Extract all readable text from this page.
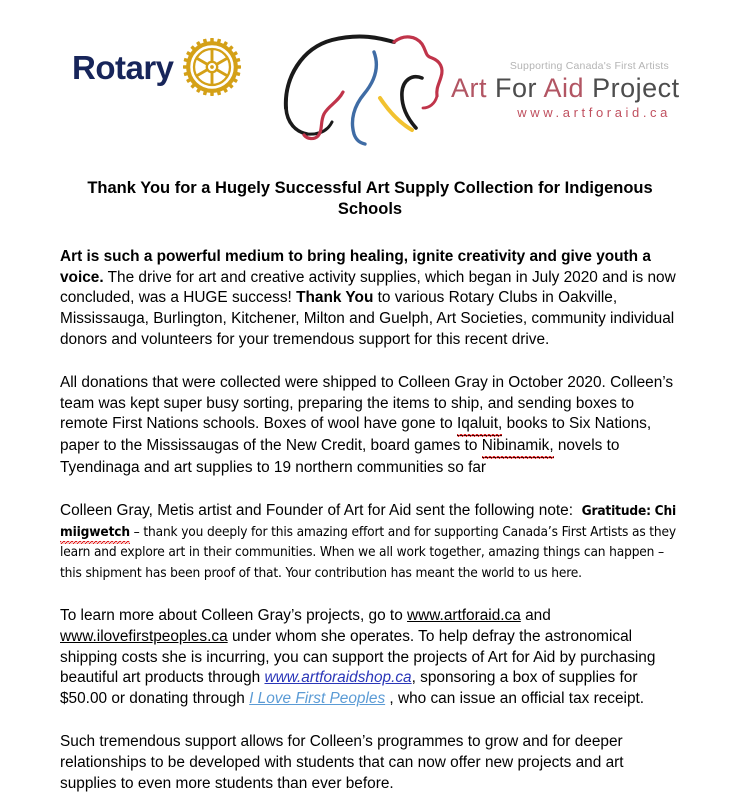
Rotary	Supporting Canada's First Artists
Art For Aid Project
www.artforaid.ca
Thank You for a Hugely Successful Art Supply Collection for Indigenous Schools

Art is such a powerful medium to bring healing, ignite creativity and give youth a voice. The drive for art and creative activity supplies, which began in July 2020 and is now concluded, was a HUGE success! Thank You to various Rotary Clubs in Oakville, Mississauga, Burlington, Kitchener, Milton and Guelph, Art Societies, community individual donors and volunteers for your tremendous support for this recent drive.

All donations that were collected were shipped to Colleen Gray in October 2020. Colleen’s team was kept super busy sorting, preparing the items to ship, and sending boxes to remote First Nations schools. Boxes of wool have gone to Iqaluit, books to Six Nations, paper to the Mississaugas of the New Credit, board games to Nibinamik, novels to Tyendinaga and art supplies to 19 northern communities so far

Colleen Gray, Metis artist and Founder of Art for Aid sent the following note: Gratitude: Chi miigwetch – thank you deeply for this amazing effort and for supporting Canada’s First Artists as they learn and explore art in their communities. When we all work together, amazing things can happen – this shipment has been proof of that. Your contribution has meant the world to us here.

To learn more about Colleen Gray’s projects, go to www.artforaid.ca and www.ilovefirstpeoples.ca under whom she operates. To help defray the astronomical shipping costs she is incurring, you can support the projects of Art for Aid by purchasing beautiful art products through www.artforaidshop.ca, sponsoring a box of supplies for $50.00 or donating through I Love First Peoples , who can issue an official tax receipt.

Such tremendous support allows for Colleen’s programmes to grow and for deeper relationships to be developed with students that can now offer new projects and art supplies to even more students than ever before.
